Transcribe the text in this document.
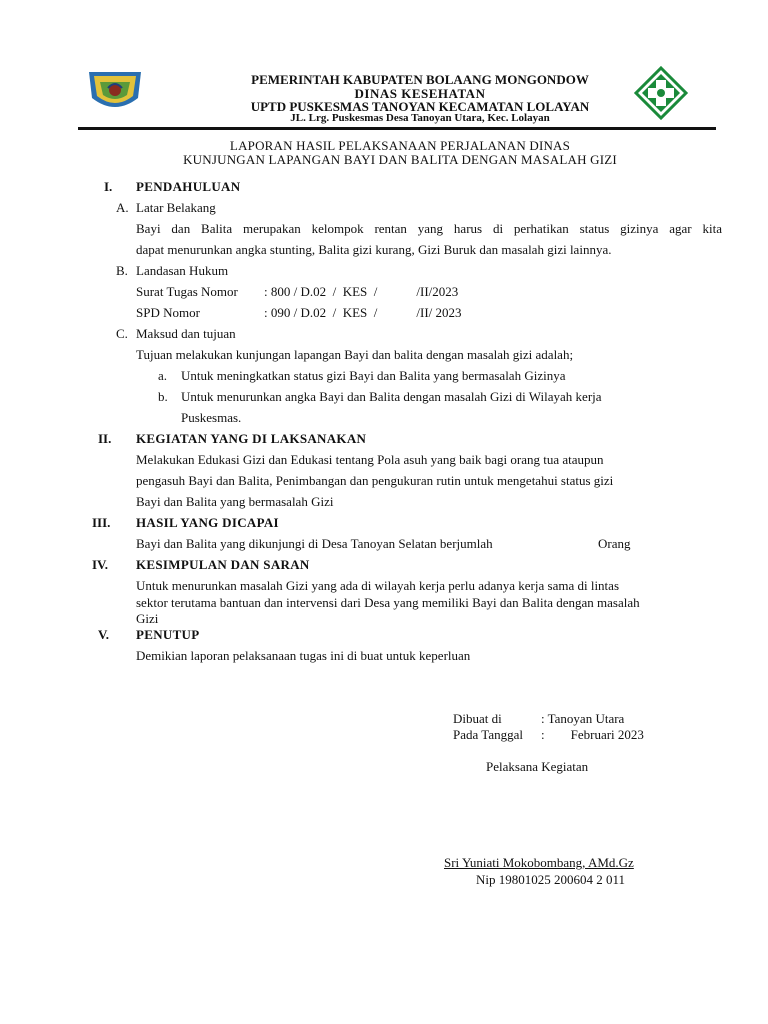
PEMERINTAH KABUPATEN BOLAANG MONGONDOW
DINAS KESEHATAN
UPTD PUSKESMAS TANOYAN KECAMATAN LOLAYAN
JL. Lrg. Puskesmas Desa Tanoyan Utara, Kec. Lolayan
LAPORAN HASIL PELAKSANAAN PERJALANAN DINAS
KUNJUNGAN LAPANGAN BAYI DAN BALITA DENGAN MASALAH GIZI
I. PENDAHULUAN
A. Latar Belakang
Bayi dan Balita merupakan kelompok rentan yang harus di perhatikan status gizinya agar kita
dapat menurunkan angka stunting, Balita gizi kurang, Gizi Buruk dan masalah gizi lainnya.
B. Landasan Hukum
Surat Tugas Nomor : 800 / D.02  /  KES  /            /II/2023
SPD Nomor	: 090 / D.02  /  KES  /            /II/ 2023
C. Maksud dan tujuan
Tujuan melakukan kunjungan lapangan Bayi dan balita dengan masalah gizi adalah;
a. Untuk meningkatkan status gizi Bayi dan Balita yang bermasalah Gizinya
b. Untuk menurunkan angka Bayi dan Balita dengan masalah Gizi di Wilayah kerja
Puskesmas.
II. KEGIATAN YANG DI LAKSANAKAN
Melakukan Edukasi Gizi dan Edukasi tentang Pola asuh yang baik bagi orang tua ataupun
pengasuh Bayi dan Balita, Penimbangan dan pengukuran rutin untuk mengetahui status gizi
Bayi dan Balita yang bermasalah Gizi
III. HASIL YANG DICAPAI
Bayi dan Balita yang dikunjungi di Desa Tanoyan Selatan berjumlah	Orang
IV. KESIMPULAN DAN SARAN
Untuk menurunkan masalah Gizi yang ada di wilayah kerja perlu adanya kerja sama di lintas
sektor terutama bantuan dan intervensi dari Desa yang memiliki Bayi dan Balita dengan masalah
Gizi
V. PENUTUP
Demikian laporan pelaksanaan tugas ini di buat untuk keperluan
Dibuat di	: Tanoyan Utara
Pada Tanggal :        Februari 2023
Pelaksana Kegiatan
Sri Yuniati Mokobombang, AMd.Gz
Nip 19801025 200604 2 011
